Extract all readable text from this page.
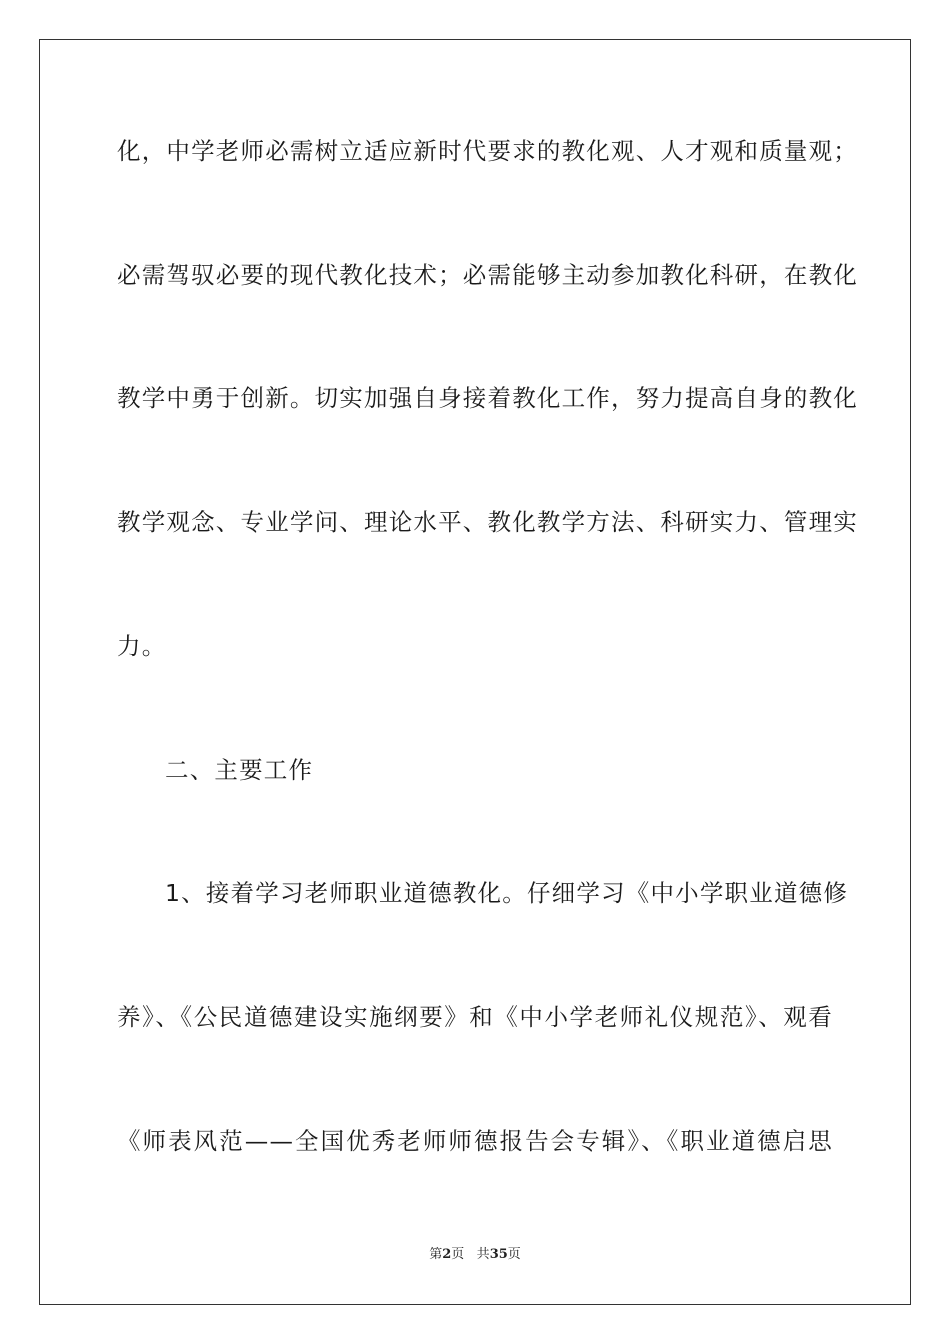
化，中学老师必需树立适应新时代要求的教化观、人才观和质量观；
必需驾驭必要的现代教化技术；必需能够主动参加教化科研，在教化
教学中勇于创新。切实加强自身接着教化工作，努力提高自身的教化
教学观念、专业学问、理论水平、教化教学方法、科研实力、管理实
力。
二、主要工作
1、接着学习老师职业道德教化。仔细学习《中小学职业道德修
养》、《公民道德建设实施纲要》和《中小学老师礼仪规范》、观看
《师表风范——全国优秀老师师德报告会专辑》、《职业道德启思
第2页 共35页
